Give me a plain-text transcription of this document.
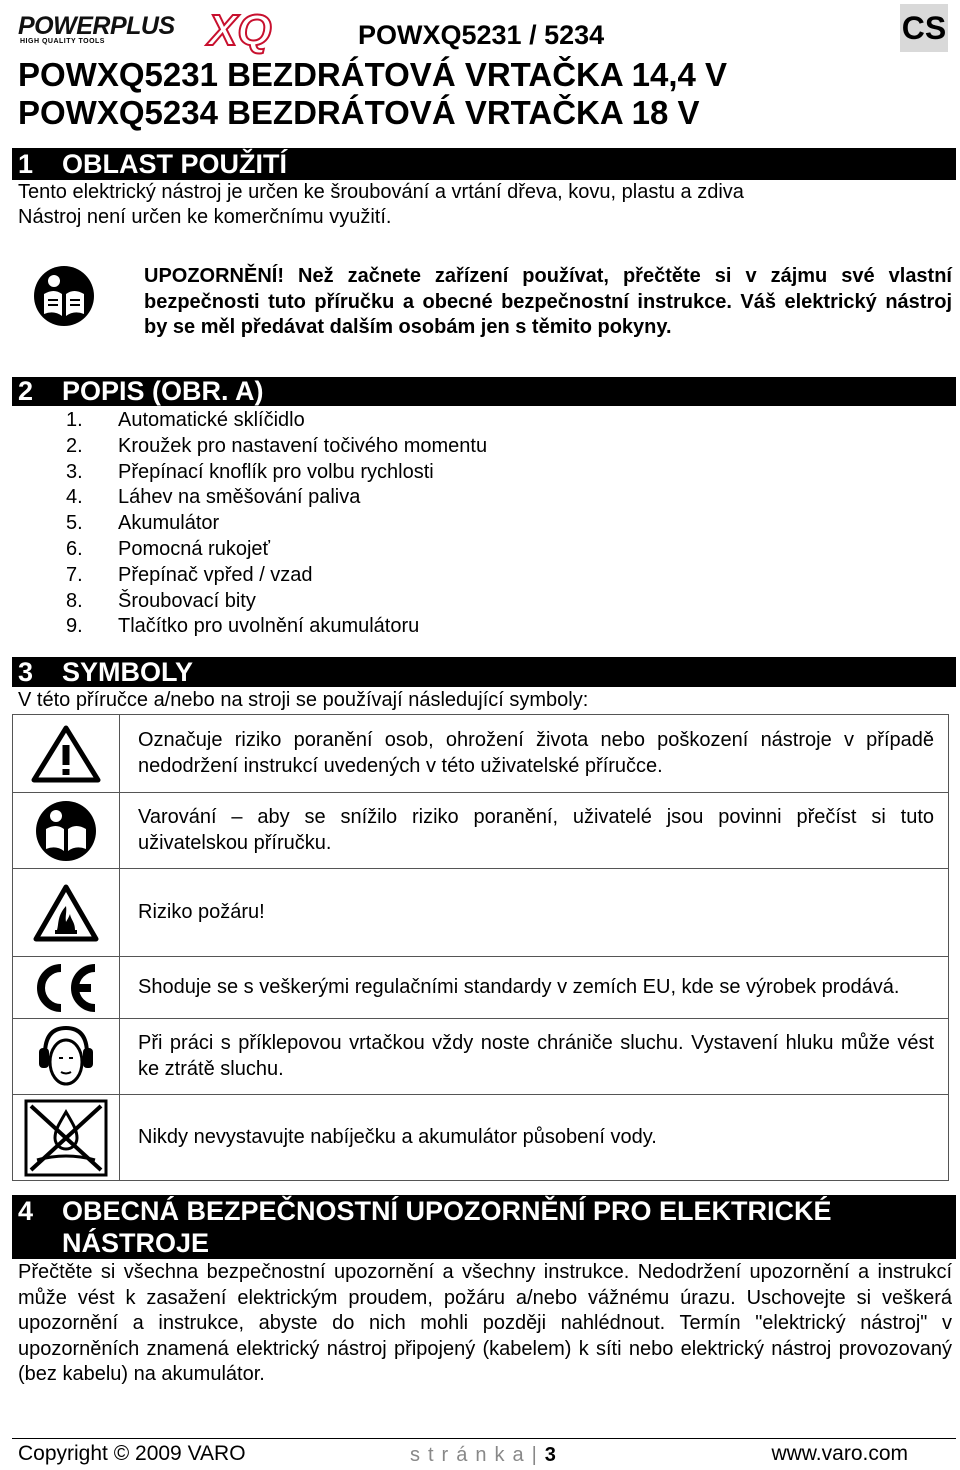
POWERPLUS
HIGH QUALITY TOOLS XQ	POWXQ5231 / 5234	CS
POWXQ5231 BEZDRÁTOVÁ VRTAČKA 14,4 V
POWXQ5234 BEZDRÁTOVÁ VRTAČKA 18 V
1 OBLAST POUŽITÍ
Tento elektrický nástroj je určen ke šroubování a vrtání dřeva, kovu, plastu a zdiva
Nástroj není určen ke komerčnímu využití.
UPOZORNĚNÍ! Než začnete zařízení používat, přečtěte si v zájmu své vlastní bezpečnosti tuto příručku a obecné bezpečnostní instrukce. Váš elektrický nástroj by se měl předávat dalším osobám jen s těmito pokyny.
2 POPIS (OBR. A)
1. Automatické sklíčidlo
2. Kroužek pro nastavení točivého momentu
3. Přepínací knoflík pro volbu rychlosti
4. Láhev na směšování paliva
5. Akumulátor
6. Pomocná rukojeť
7. Přepínač vpřed / vzad
8. Šroubovací bity
9. Tlačítko pro uvolnění akumulátoru
3 SYMBOLY
V této příručce a/nebo na stroji se používají následující symboly:
	Označuje riziko poranění osob, ohrožení života nebo poškození nástroje v případě nedodržení instrukcí uvedených v této uživatelské příručce.

	Varování – aby se snížilo riziko poranění, uživatelé jsou povinni přečíst si tuto uživatelskou příručku.

	Riziko požáru!

	Shoduje se s veškerými regulačními standardy v zemích EU, kde se výrobek prodává.

	Při práci s příklepovou vrtačkou vždy noste chrániče sluchu. Vystavení hluku může vést ke ztrátě sluchu.

	Nikdy nevystavujte nabíječku a akumulátor působení vody.
4 OBECNÁ BEZPEČNOSTNÍ UPOZORNĚNÍ PRO ELEKTRICKÉ
NÁSTROJE
Přečtěte si všechna bezpečnostní upozornění a všechny instrukce. Nedodržení upozornění a instrukcí může vést k zasažení elektrickým proudem, požáru a/nebo vážnému úrazu. Uschovejte si veškerá upozornění a instrukce, abyste do nich mohli později nahlédnout. Termín "elektrický nástroj" v upozorněních znamená elektrický nástroj připojený (kabelem) k síti nebo elektrický nástroj provozovaný (bez kabelu) na akumulátor.
Copyright © 2009 VARO	stránka|3	www.varo.com
